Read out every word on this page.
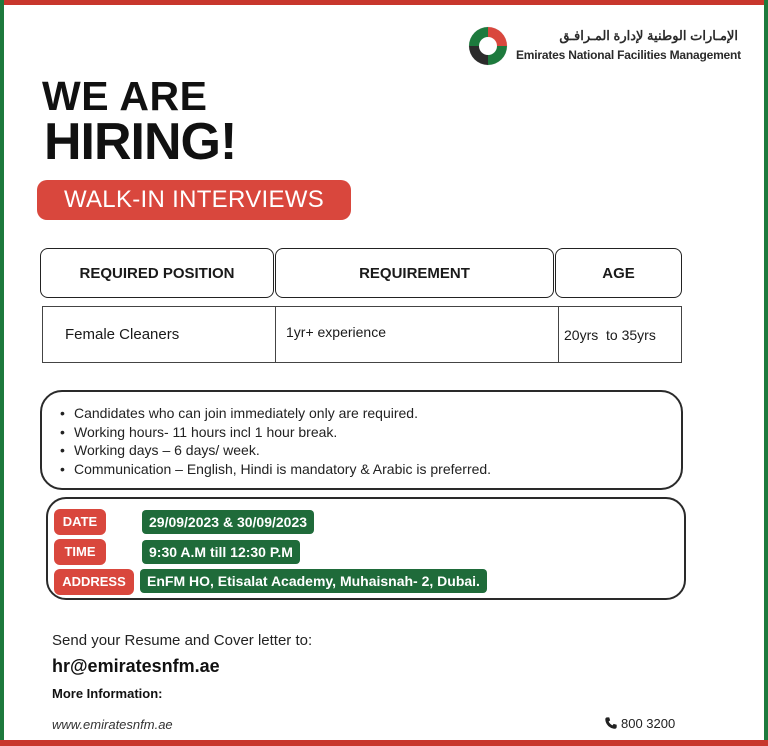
الإمـارات الوطنية لإدارة المـرافـق
Emirates National Facilities Management
WE ARE
HIRING!
WALK-IN INTERVIEWS
REQUIRED POSITION	REQUIREMENT	AGE
Female Cleaners	1yr+ experience	20yrs  to 35yrs
• Candidates who can join immediately only are required.
• Working hours- 11 hours incl 1 hour break.
• Working days – 6 days/ week.
• Communication – English, Hindi is mandatory & Arabic is preferred.
DATE	29/09/2023 & 30/09/2023
TIME	9:30 A.M till 12:30 P.M
ADDRESS	EnFM HO, Etisalat Academy, Muhaisnah- 2, Dubai.
Send your Resume and Cover letter to:
hr@emiratesnfm.ae
More Information:
www.emiratesnfm.ae	800 3200
